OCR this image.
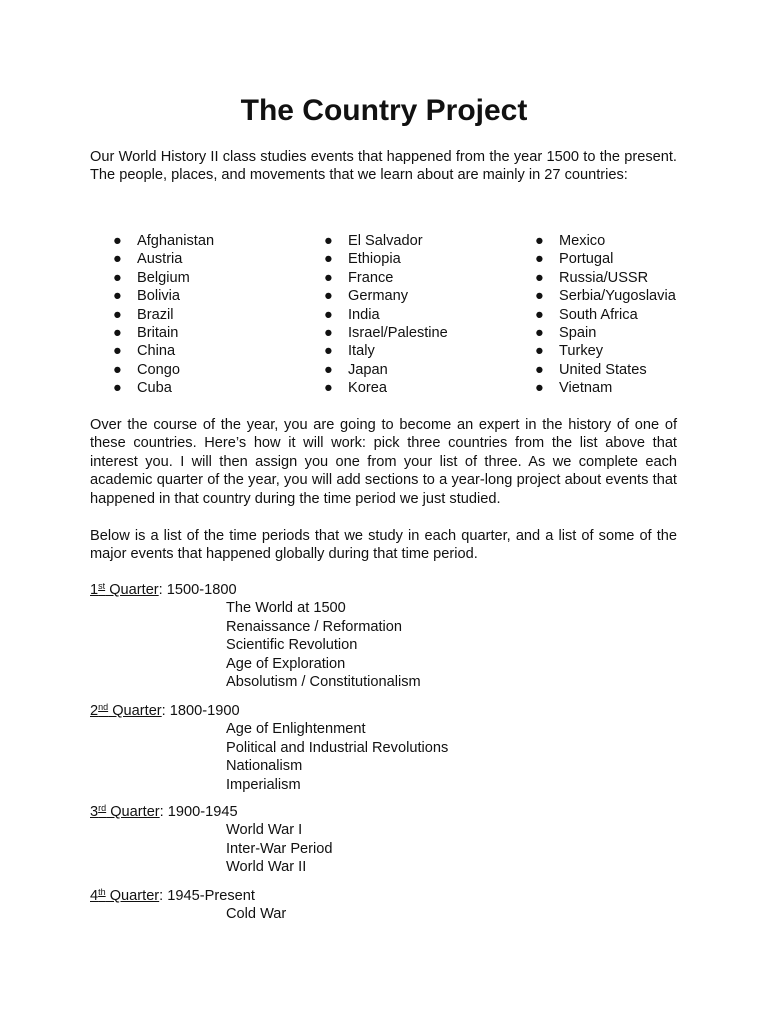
The Country Project

Our World History II class studies events that happened from the year 1500 to the present. The people, places, and movements that we learn about are mainly in 27 countries:

● Afghanistan
● Austria
● Belgium
● Bolivia
● Brazil
● Britain
● China
● Congo
● Cuba
● El Salvador
● Ethiopia
● France
● Germany
● India
● Israel/Palestine
● Italy
● Japan
● Korea
● Mexico
● Portugal
● Russia/USSR
● Serbia/Yugoslavia
● South Africa
● Spain
● Turkey
● United States
● Vietnam

Over the course of the year, you are going to become an expert in the history of one of these countries. Here’s how it will work: pick three countries from the list above that interest you. I will then assign you one from your list of three. As we complete each academic quarter of the year, you will add sections to a year-long project about events that happened in that country during the time period we just studied.

Below is a list of the time periods that we study in each quarter, and a list of some of the major events that happened globally during that time period.

1st Quarter: 1500-1800
The World at 1500
Renaissance / Reformation
Scientific Revolution
Age of Exploration
Absolutism / Constitutionalism
2nd Quarter: 1800-1900
Age of Enlightenment
Political and Industrial Revolutions
Nationalism
Imperialism
3rd Quarter: 1900-1945
World War I
Inter-War Period
World War II
4th Quarter: 1945-Present
Cold War
